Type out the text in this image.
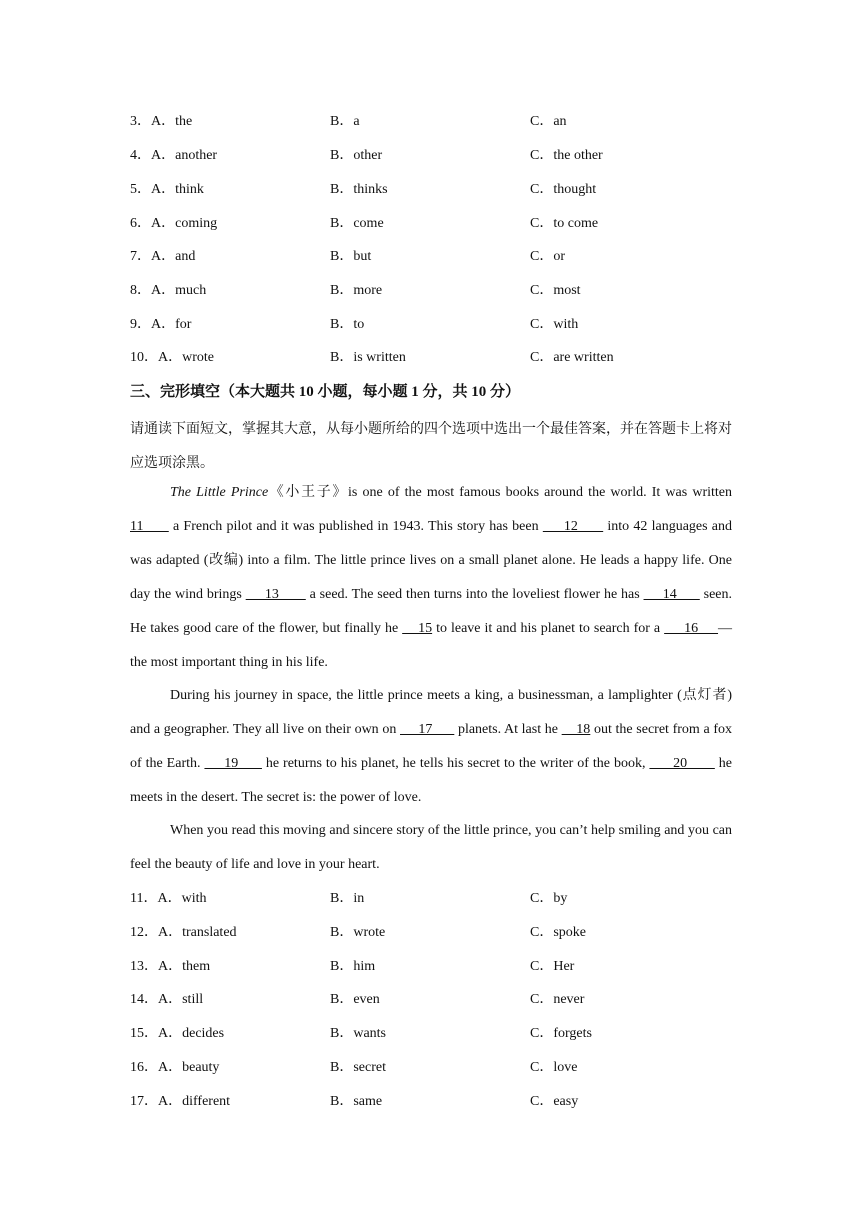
3．A．the	B．a	C．an
4．A．another	B．other	C．the other
5．A．think	B．thinks	C．thought
6．A．coming	B．come	C．to come
7．A．and	B．but	C．or
8．A．much	B．more	C．most
9．A．for	B．to	C．with
10．A．wrote	B．is written	C．are written
三、完形填空（本大题共 10 小题，每小题 1 分，共 10 分）
请通读下面短文，掌握其大意，从每小题所给的四个选项中选出一个最佳答案，并在答题卡上将对应选项涂黑。
The Little Prince《小王子》is one of the most famous books around the world. It was written 11       a French pilot and it was published in 1943. This story has been      12       into 42 languages and was adapted (改编) into a film. The little prince lives on a small planet alone. He leads a happy life. One day the wind brings      13        a seed. The seed then turns into the loveliest flower he has      14       seen. He takes good care of the flower, but finally he     15 to leave it and his planet to search for a      16     —the most important thing in his life.
During his journey in space, the little prince meets a king, a businessman, a lamplighter (点灯者) and a geographer. They all live on their own on      17       planets. At last he     18 out the secret from a fox of the Earth.      19       he returns to his planet, he tells his secret to the writer of the book,       20        he meets in the desert. The secret is: the power of love.
When you read this moving and sincere story of the little prince, you can’t help smiling and you can feel the beauty of life and love in your heart.
11．A．with	B．in	C．by
12．A．translated	B．wrote	C．spoke
13．A．them	B．him	C．Her
14．A．still	B．even	C．never
15．A．decides	B．wants	C．forgets
16．A．beauty	B．secret	C．love
17．A．different	B．same	C．easy
